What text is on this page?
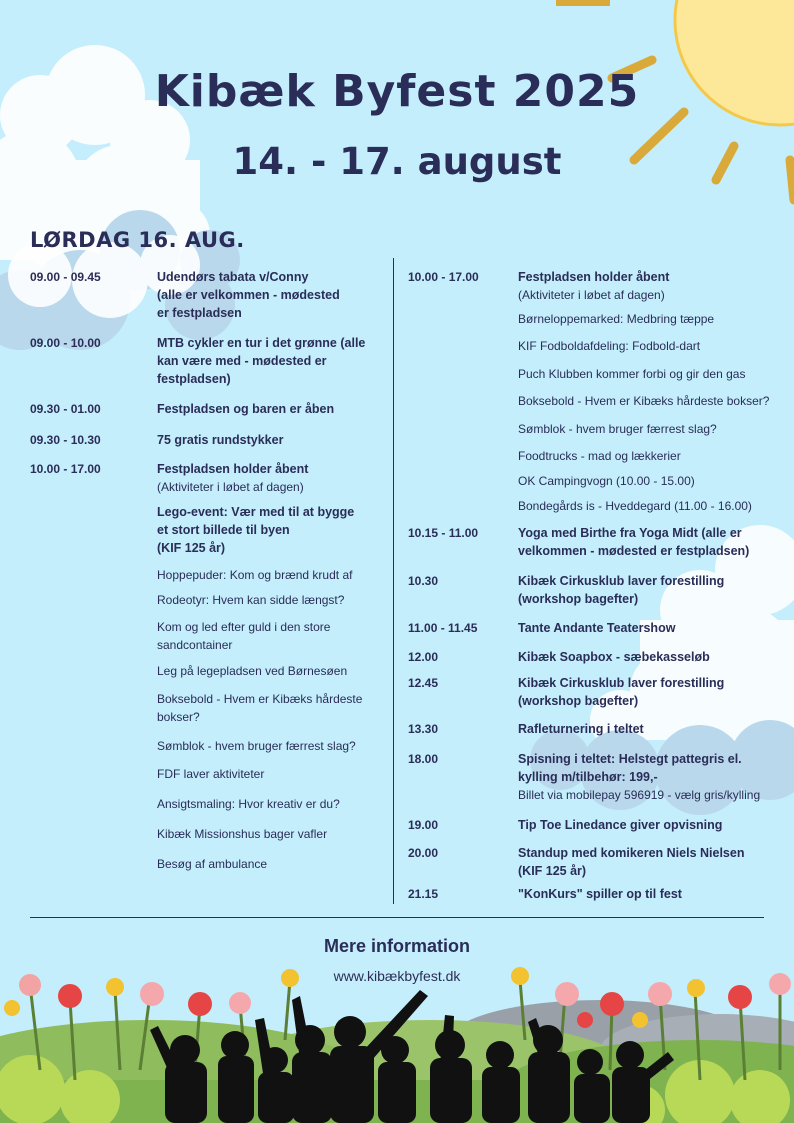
Kibæk Byfest 2025
14. - 17. august
LØRDAG 16. AUG.
09.00 - 09.45	Udendørs tabata v/Conny
(alle er velkommen - mødested
er festpladsen
09.00 - 10.00	MTB cykler en tur i det grønne (alle
kan være med - mødested er
festpladsen)
09.30 - 01.00	Festpladsen og baren er åben
09.30 - 10.30	75 gratis rundstykker
10.00 - 17.00	Festpladsen holder åbent
(Aktiviteter i løbet af dagen)
Lego-event: Vær med til at bygge
et stort billede til byen
(KIF 125 år)
Hoppepuder: Kom og brænd krudt af
Rodeotyr: Hvem kan sidde længst?
Kom og led efter guld i den store
sandcontainer
Leg på legepladsen ved Børnesøen
Boksebold - Hvem er Kibæks hårdeste
bokser?
Sømblok - hvem bruger færrest slag?
FDF laver aktiviteter
Ansigtsmaling: Hvor kreativ er du?
Kibæk Missionshus bager vafler
Besøg af ambulance
10.00 - 17.00	Festpladsen holder åbent
(Aktiviteter i løbet af dagen)
Børneloppemarked: Medbring tæppe
KIF Fodboldafdeling: Fodbold-dart
Puch Klubben kommer forbi og gir den gas
Boksebold - Hvem er Kibæks hårdeste bokser?
Sømblok - hvem bruger færrest slag?
Foodtrucks - mad og lækkerier
OK Campingvogn (10.00 - 15.00)
Bondegårds is - Hveddegard (11.00 - 16.00)
10.15 - 11.00	Yoga med Birthe fra Yoga Midt (alle er
velkommen - mødested er festpladsen)
10.30	Kibæk Cirkusklub laver forestilling
(workshop bagefter)
11.00 - 11.45	Tante Andante Teatershow
12.00	Kibæk Soapbox - sæbekasseløb
12.45	Kibæk Cirkusklub laver forestilling
(workshop bagefter)
13.30	Rafleturnering i teltet
18.00	Spisning i teltet: Helstegt pattegris el.
kylling m/tilbehør: 199,-
Billet via mobilepay 596919 - vælg gris/kylling
19.00	Tip Toe Linedance giver opvisning
20.00	Standup med komikeren Niels Nielsen
(KIF 125 år)
21.15	"KonKurs" spiller op til fest
Mere information
www.kibækbyfest.dk
